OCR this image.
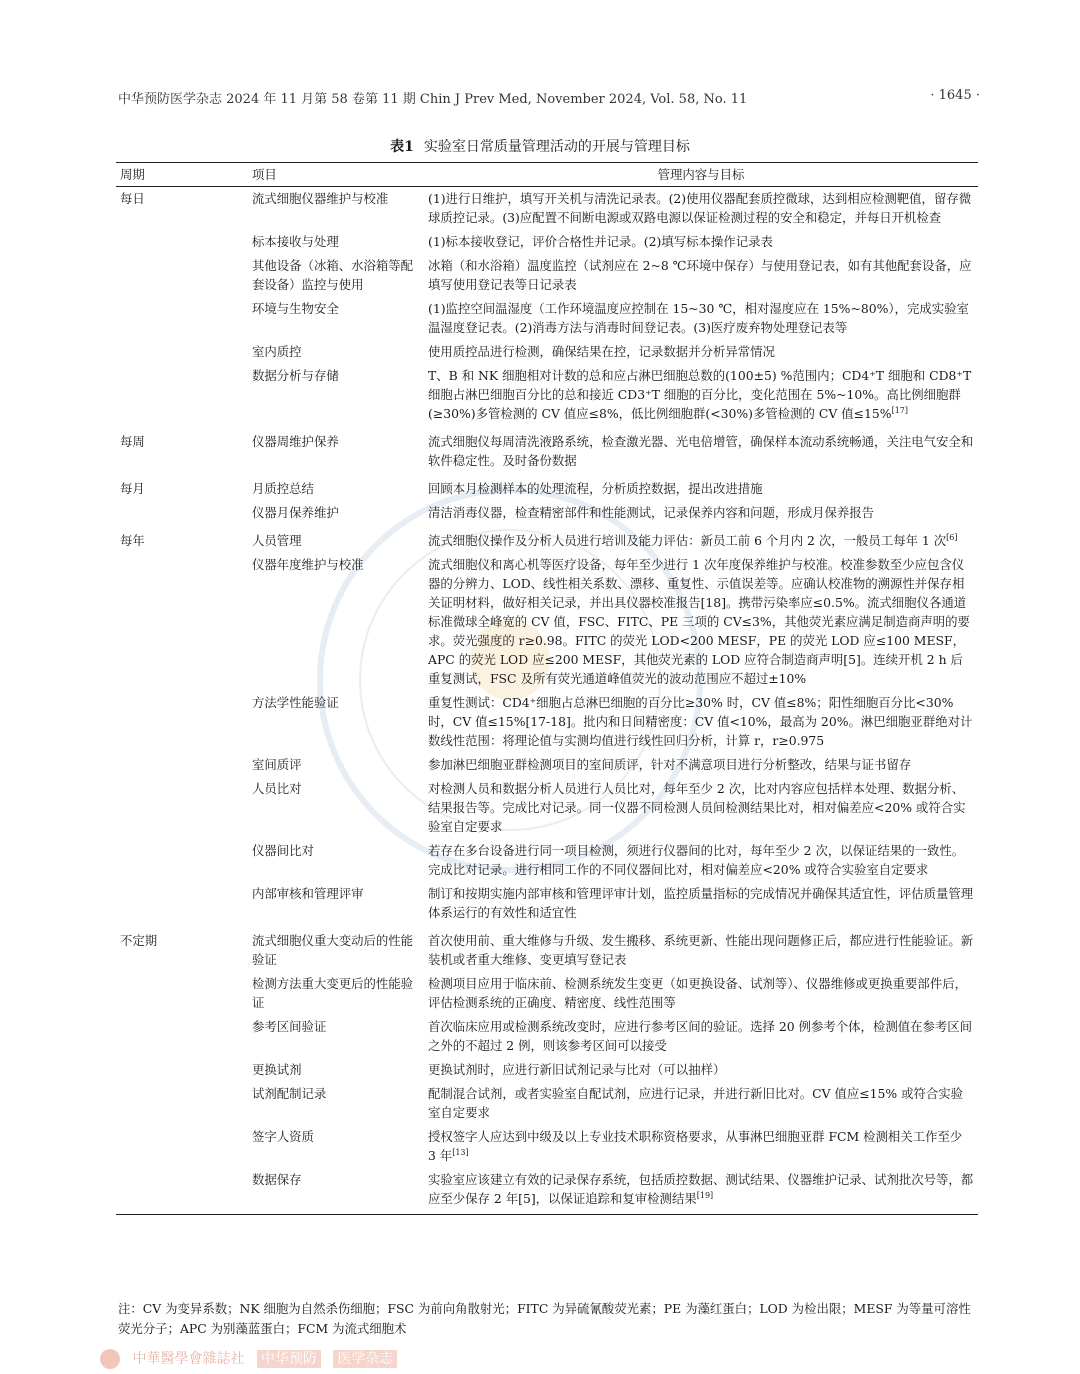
中华预防医学杂志 2024 年 11 月第 58 卷第 11 期 Chin J Prev Med, November 2024, Vol. 58, No. 11	· 1645 ·
表1 实验室日常质量管理活动的开展与管理目标
周期	项目	管理内容与目标
每日	流式细胞仪器维护与校准	(1)进行日维护，填写开关机与清洗记录表。(2)使用仪器配套质控微球，达到相应检测靶值，留存微球质控记录。(3)应配置不间断电源或双路电源以保证检测过程的安全和稳定，并每日开机检查
	标本接收与处理	(1)标本接收登记，评价合格性并记录。(2)填写标本操作记录表
	其他设备（冰箱、水浴箱等配套设备）监控与使用	冰箱（和水浴箱）温度监控（试剂应在 2~8 ℃环境中保存）与使用登记表，如有其他配套设备，应填写使用登记表等日记录表
	环境与生物安全	(1)监控空间温湿度（工作环境温度应控制在 15~30 ℃，相对湿度应在 15%~80%），完成实验室温湿度登记表。(2)消毒方法与消毒时间登记表。(3)医疗废弃物处理登记表等
	室内质控	使用质控品进行检测，确保结果在控，记录数据并分析异常情况
	数据分析与存储	T、B 和 NK 细胞相对计数的总和应占淋巴细胞总数的(100±5) %范围内；CD4⁺T 细胞和 CD8⁺T 细胞占淋巴细胞百分比的总和接近 CD3⁺T 细胞的百分比，变化范围在 5%~10%。高比例细胞群(≥30%)多管检测的 CV 值应≤8%，低比例细胞群(<30%)多管检测的 CV 值≤15%[17]
每周	仪器周维护保养	流式细胞仪每周清洗液路系统，检查激光器、光电倍增管，确保样本流动系统畅通，关注电气安全和软件稳定性。及时备份数据
每月	月质控总结	回顾本月检测样本的处理流程，分析质控数据，提出改进措施
	仪器月保养维护	清洁消毒仪器，检查精密部件和性能测试，记录保养内容和问题，形成月保养报告
每年	人员管理	流式细胞仪操作及分析人员进行培训及能力评估：新员工前 6 个月内 2 次，一般员工每年 1 次[6]
	仪器年度维护与校准	流式细胞仪和离心机等医疗设备，每年至少进行 1 次年度保养维护与校准。校准参数至少应包含仪器的分辨力、LOD、线性相关系数、漂移、重复性、示值误差等。应确认校准物的溯源性并保存相关证明材料，做好相关记录，并出具仪器校准报告[18]。携带污染率应≤0.5%。流式细胞仪各通道标准微球全峰宽的 CV 值，FSC、FITC、PE 三项的 CV≤3%，其他荧光素应满足制造商声明的要求。荧光强度的 r≥0.98。FITC 的荧光 LOD<200 MESF，PE 的荧光 LOD 应≤100 MESF，APC 的荧光 LOD 应≤200 MESF，其他荧光素的 LOD 应符合制造商声明[5]。连续开机 2 h 后重复测试，FSC 及所有荧光通道峰值荧光的波动范围应不超过±10%
	方法学性能验证	重复性测试：CD4⁺细胞占总淋巴细胞的百分比≥30% 时，CV 值≤8%；阳性细胞百分比<30% 时，CV 值≤15%[17-18]。批内和日间精密度：CV 值<10%，最高为 20%。淋巴细胞亚群绝对计数线性范围：将理论值与实测均值进行线性回归分析，计算 r，r≥0.975
	室间质评	参加淋巴细胞亚群检测项目的室间质评，针对不满意项目进行分析整改，结果与证书留存
	人员比对	对检测人员和数据分析人员进行人员比对，每年至少 2 次，比对内容应包括样本处理、数据分析、结果报告等。完成比对记录。同一仪器不同检测人员间检测结果比对，相对偏差应<20% 或符合实验室自定要求
	仪器间比对	若存在多台设备进行同一项目检测，须进行仪器间的比对，每年至少 2 次，以保证结果的一致性。完成比对记录。进行相同工作的不同仪器间比对，相对偏差应<20% 或符合实验室自定要求
	内部审核和管理评审	制订和按期实施内部审核和管理评审计划，监控质量指标的完成情况并确保其适宜性，评估质量管理体系运行的有效性和适宜性
不定期	流式细胞仪重大变动后的性能验证	首次使用前、重大维修与升级、发生搬移、系统更新、性能出现问题修正后，都应进行性能验证。新装机或者重大维修、变更填写登记表
	检测方法重大变更后的性能验证	检测项目应用于临床前、检测系统发生变更（如更换设备、试剂等）、仪器维修或更换重要部件后，评估检测系统的正确度、精密度、线性范围等
	参考区间验证	首次临床应用或检测系统改变时，应进行参考区间的验证。选择 20 例参考个体，检测值在参考区间之外的不超过 2 例，则该参考区间可以接受
	更换试剂	更换试剂时，应进行新旧试剂记录与比对（可以抽样）
	试剂配制记录	配制混合试剂，或者实验室自配试剂，应进行记录，并进行新旧比对。CV 值应≤15% 或符合实验室自定要求
	签字人资质	授权签字人应达到中级及以上专业技术职称资格要求，从事淋巴细胞亚群 FCM 检测相关工作至少 3 年[13]
	数据保存	实验室应该建立有效的记录保存系统，包括质控数据、测试结果、仪器维护记录、试剂批次号等，都应至少保存 2 年[5]，以保证追踪和复审检测结果[19]
注：CV 为变异系数；NK 细胞为自然杀伤细胞；FSC 为前向角散射光；FITC 为异硫氰酸荧光素；PE 为藻红蛋白；LOD 为检出限；MESF 为等量可溶性荧光分子；APC 为别藻蓝蛋白；FCM 为流式细胞术
中華醫學會雜誌社 中华预防 医学杂志
